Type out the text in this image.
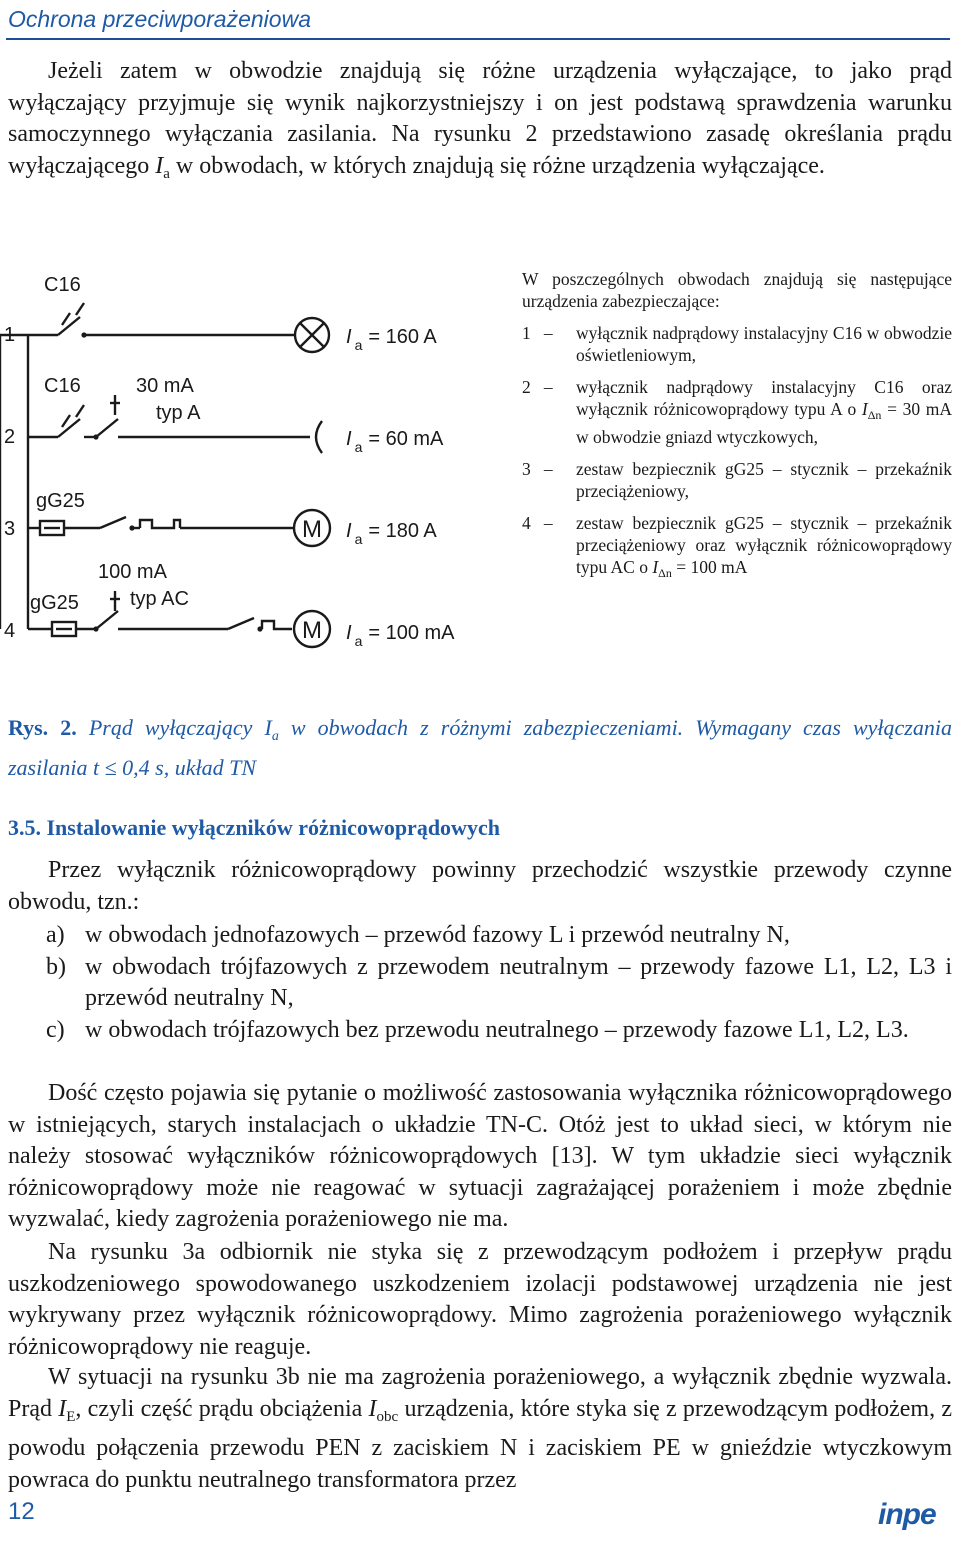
Ochrona przeciwporażeniowa

Jeżeli zatem w obwodzie znajdują się różne urządzenia wyłączające, to jako prąd wyłączający przyjmuje się wynik najkorzystniejszy i on jest podstawą sprawdzenia warunku samoczynnego wyłączania zasilania. Na rysunku 2 przedstawiono zasadę określania prądu wyłączającego $I_a$ w obwodach, w których znajdują się różne urządzenia wyłączające.

1
2
3
4
C16
C16	30 mA
typ A
gG25
100 mA
gG25	typ AC
M
M
I $_a$ = 160 A
I $_a$ = 60 mA
I $_a$ = 180 A
I $_a$ = 100 mA

W poszczególnych obwodach znajdują się następujące urządzenia zabezpieczające:

1 –	wyłącznik nadprądowy instalacyjny C16 w obwodzie oświetleniowym,
2 –	wyłącznik nadprądowy instalacyjny C16 oraz wyłącznik różnicowoprądowy typu A o $I_{\Delta n} = 30$ mA w obwodzie gniazd wtyczkowych,
3 –	zestaw bezpiecznik gG25 – stycznik – przekaźnik przeciążeniowy,
4 –	zestaw bezpiecznik gG25 – stycznik – przekaźnik przeciążeniowy oraz wyłącznik różnicowoprądowy typu AC o $I_{\Delta n} = 100$ mA
Rys. 2. Prąd wyłączający $I_a$ w obwodach z różnymi zabezpieczeniami. Wymagany czas wyłączania zasilania t ≤ 0,4 s, układ TN
3.5. Instalowanie wyłączników różnicowoprądowych

Przez wyłącznik różnicowoprądowy powinny przechodzić wszystkie przewody czynne obwodu, tzn.:

a) w obwodach jednofazowych – przewód fazowy L i przewód neutralny N,
b) w obwodach trójfazowych z przewodem neutralnym – przewody fazowe L1, L2, L3 i przewód neutralny N,
c) w obwodach trójfazowych bez przewodu neutralnego – przewody fazowe L1, L2, L3.

Dość często pojawia się pytanie o możliwość zastosowania wyłącznika różnicowoprądowego w istniejących, starych instalacjach o układzie TN-C. Otóż jest to układ sieci, w którym nie należy stosować wyłączników różnicowoprądowych [13]. W tym układzie sieci wyłącznik różnicowoprądowy może nie reagować w sytuacji zagrażającej porażeniem i może zbędnie wyzwalać, kiedy zagrożenia porażeniowego nie ma.

Na rysunku 3a odbiornik nie styka się z przewodzącym podłożem i przepływ prądu uszkodzeniowego spowodowanego uszkodzeniem izolacji podstawowej urządzenia nie jest wykrywany przez wyłącznik różnicowoprądowy. Mimo zagrożenia porażeniowego wyłącznik różnicowoprądowy nie reaguje.

W sytuacji na rysunku 3b nie ma zagrożenia porażeniowego, a wyłącznik zbędnie wyzwala. Prąd $I_E$, czyli część prądu obciążenia $I_{obc}$ urządzenia, które styka się z przewodzącym podłożem, z powodu połączenia przewodu PEN z zaciskiem N i zaciskiem PE w gnieździe wtyczkowym powraca do punktu neutralnego transformatora przez

12	inpe
